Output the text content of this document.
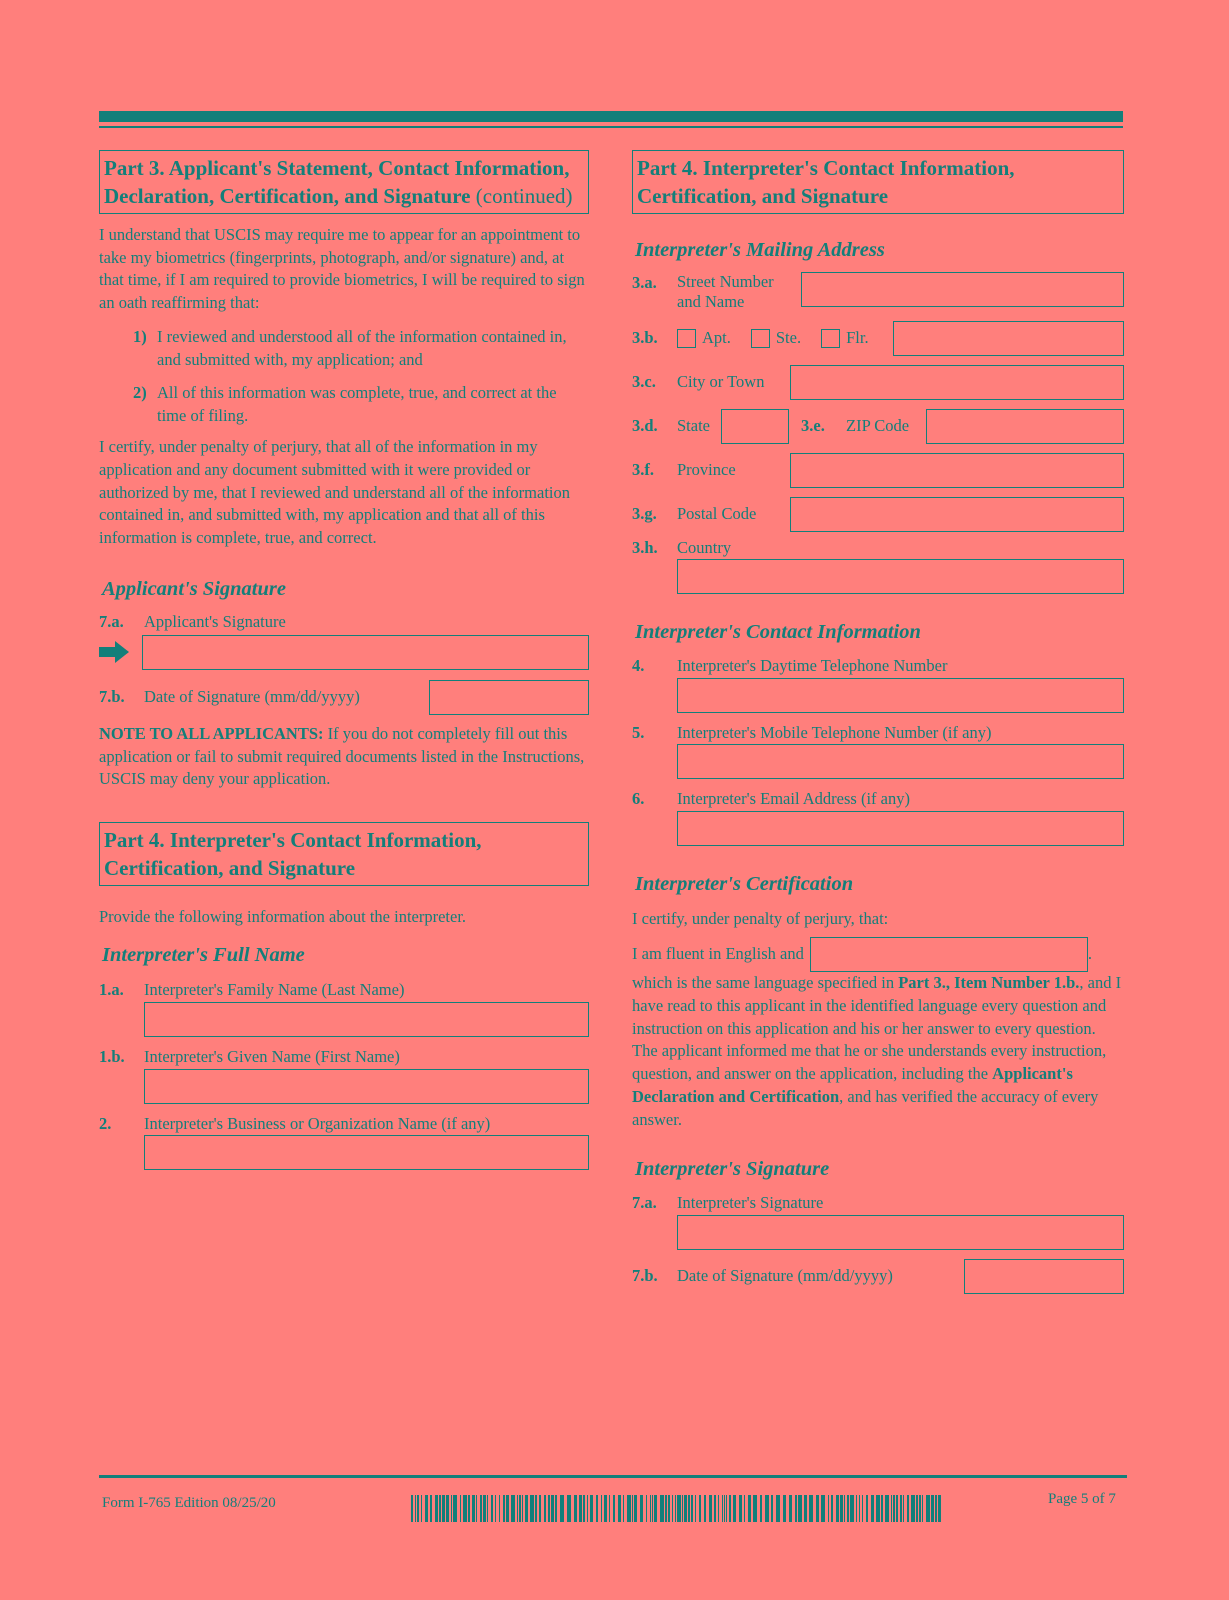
Part 3. Applicant's Statement, Contact Information, Declaration, Certification, and Signature (continued)

I understand that USCIS may require me to appear for an appointment to take my biometrics (fingerprints, photograph, and/or signature) and, at that time, if I am required to provide biometrics, I will be required to sign an oath reaffirming that:

1) I reviewed and understood all of the information contained in, and submitted with, my application; and
2) All of this information was complete, true, and correct at the time of filing.

I certify, under penalty of perjury, that all of the information in my application and any document submitted with it were provided or authorized by me, that I reviewed and understand all of the information contained in, and submitted with, my application and that all of this information is complete, true, and correct.

Applicant's Signature
7.a.	Applicant's Signature
7.b.	Date of Signature (mm/dd/yyyy)

NOTE TO ALL APPLICANTS: If you do not completely fill out this application or fail to submit required documents listed in the Instructions, USCIS may deny your application.

Part 4. Interpreter's Contact Information, Certification, and Signature

Provide the following information about the interpreter.

Interpreter's Full Name
1.a.	Interpreter's Family Name (Last Name)
1.b.	Interpreter's Given Name (First Name)
2.	Interpreter's Business or Organization Name (if any)
Part 4. Interpreter's Contact Information, Certification, and Signature
Interpreter's Mailing Address
3.a.	Street Number
and Name
3.b.	Apt.	Ste.	Flr.
3.c.	City or Town
3.d.	State	3.e.	ZIP Code
3.f.	Province
3.g.	Postal Code
3.h.	Country
Interpreter's Contact Information
4.	Interpreter's Daytime Telephone Number
5.	Interpreter's Mobile Telephone Number (if any)
6.	Interpreter's Email Address (if any)
Interpreter's Certification

I certify, under penalty of perjury, that:

I am fluent in English and	.

which is the same language specified in Part 3., Item Number 1.b., and I have read to this applicant in the identified language every question and instruction on this application and his or her answer to every question. The applicant informed me that he or she understands every instruction, question, and answer on the application, including the Applicant's Declaration and Certification, and has verified the accuracy of every answer.

Interpreter's Signature
7.a.	Interpreter's Signature
7.b.	Date of Signature (mm/dd/yyyy)
Form I-765 Edition 08/25/20	Page 5 of 7
